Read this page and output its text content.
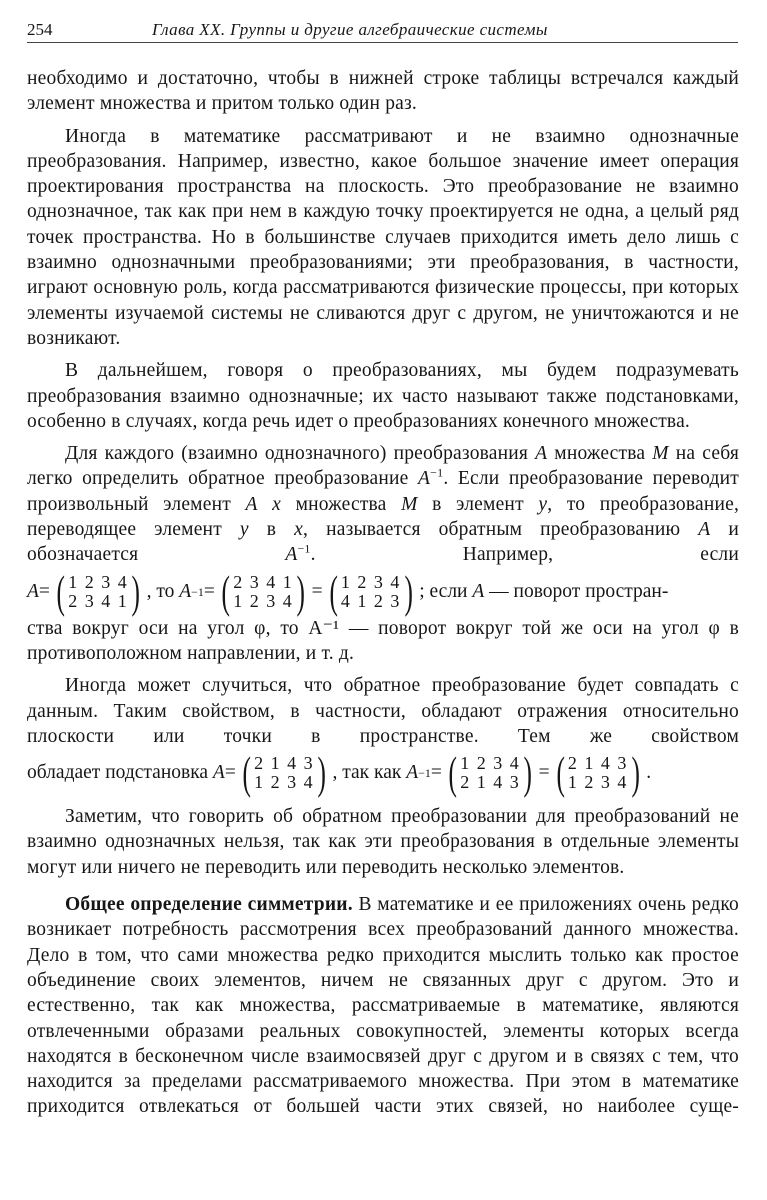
254	Глава XX. Группы и другие алгебраические системы

необходимо и достаточно, чтобы в нижней строке таблицы встречался каждый элемент множества и притом только один раз.

Иногда в математике рассматривают и не взаимно однозначные преобразования. Например, известно, какое большое значение имеет операция проектирования пространства на плоскость. Это преобразование не взаимно однозначное, так как при нем в каждую точку проектируется не одна, а целый ряд точек пространства. Но в большинстве случаев приходится иметь дело лишь с взаимно однозначными преобразованиями; эти преобразования, в частности, играют основную роль, когда рассматриваются физические процессы, при которых элементы изучаемой системы не сливаются друг с другом, не уничтожаются и не возникают.

В дальнейшем, говоря о преобразованиях, мы будем подразумевать преобразования взаимно однозначные; их часто называют также подстановками, особенно в случаях, когда речь идет о преобразованиях конечного множества.

Для каждого (взаимно однозначного) преобразования A множества M на себя легко определить обратное преобразование $A^{-1}$. Если преобразование переводит произвольный элемент A x множества M в элемент y, то преобразование, переводящее элемент y в x, называется обратным преобразованию A и обозначается	$A^{-1}$. Например, если

A = ( 1 2 3 4
2 3 4 1 ) , то
A −1 = ( 2 3 4 1
1 2 3 4 ) = ( 1 2 3 4
4 1 2 3 ) ; если
A
— поворот простран-

ства вокруг оси на угол φ, то A⁻¹ — поворот вокруг той же оси на угол φ в противоположном направлении, и т. д.

Иногда может случиться, что обратное преобразование будет совпадать с данным. Таким свойством, в частности, обладают отражения относительно плоскости или точки в пространстве. Тем же свойством

обладает подстановка
A = ( 2 1 4 3
1 2 3 4 ) , так как
A −1 = ( 1 2 3 4
2 1 4 3 ) = ( 2 1 4 3
1 2 3 4 ) .

Заметим, что говорить об обратном преобразовании для преобразований не взаимно однозначных нельзя, так как эти преобразования в отдельные элементы могут или ничего не переводить или переводить несколько элементов.

Общее определение симметрии. В математике и ее приложениях очень редко возникает потребность рассмотрения всех преобразований данного множества. Дело в том, что сами множества редко приходится мыслить только как простое объединение своих элементов, ничем не связанных друг с другом. Это и естественно, так как множества, рассматриваемые в математике, являются отвлеченными образами реальных совокупностей, элементы которых всегда находятся в бесконечном числе взаимосвязей друг с другом и в связях с тем, что находится за пределами рассматриваемого множества. При этом в математике приходится отвлекаться от большей части этих связей, но наиболее суще-
